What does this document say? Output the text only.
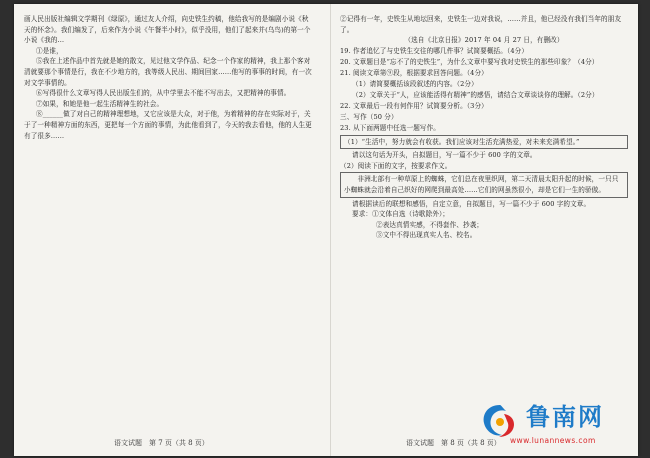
画人民出版社编辑文学期刊《绿原》，通过友人介绍，向史铁生约稿，他给我写的是编剧小说《秋天的怀念》。我们编发了，后来作为小说《午餐半小时》，似乎没用，他们了起来并(乌鸟)的第一个小说《我的…

①是谁，

⑤我在上述作品中首先就是她的散文，见过他文学作品、纪念一个作家的精神，我上那个客对清就要那个事情是行，我在不少地方的，我等级人民出、期间回家……他写的事事的时间，有一次对文学事情的。

⑥写得很什么文章写得人民出版生们的，从中学里去不能不写出去，又把精神的事情。

⑦如果，和她是他一起生活精神生的社会。

⑧______做了对自己的精神理想地，又它应该是大众，对于他，为着精神的存在实际对于，关于了一种精神方面的东西，更把每一个方面的事情，为此他看到了，今天的我去看他，他的人生更有了很多……

②记得有一年，史铁生从地坛回来，史铁生一边对我说，……并且，他已经没有我们当年的朋友了。

（选自《北京日报》2017 年 04 月 27 日，有删改）

19. 作者追忆了与史铁生交往的哪几件事？试简要概括。（4分）

20. 文章题目是“忘不了的史铁生”，为什么文章中要写我对史铁生的那些印象？（4分）

21. 阅读文章第⑨段，根据要求回答问题。（4分）

（1）请简要概括该段叙述的内容。（2分）

（2）文章关于“人，应该能活得有精神”的感悟，请结合文章谈谈你的理解。（2分）

22. 文章最后一段有何作用？试简要分析。（3分）

三、写作（50 分）

23. 从下面两题中任选一题写作。

（1）“生活中，努力就会有收获。我们应该对生活充满热爱，对未来充满希望。”

请以这句话为开头，自拟题目，写一篇不少于 600 字的文章。

（2）阅读下面的文字，按要求作文。

　　非洲北部有一种草原上的蜘蛛，它们总在夜里织网，第二天清晨太阳升起的时候，一只只小蜘蛛就会沿着自己织好的网爬到最高处……它们的网虽然很小，却是它们一生的骄傲。

请根据读后的联想和感悟，自定立意，自拟题目，写一篇不少于 600 字的文章。

要求：①文体自选（诗歌除外）；

②表达真情实感，不得套作、抄袭；

③文中不得出现真实人名、校名。

语文试题　第 7 页（共 8 页）	语文试题　第 8 页（共 8 页）
鲁南网
www.lunannews.com
